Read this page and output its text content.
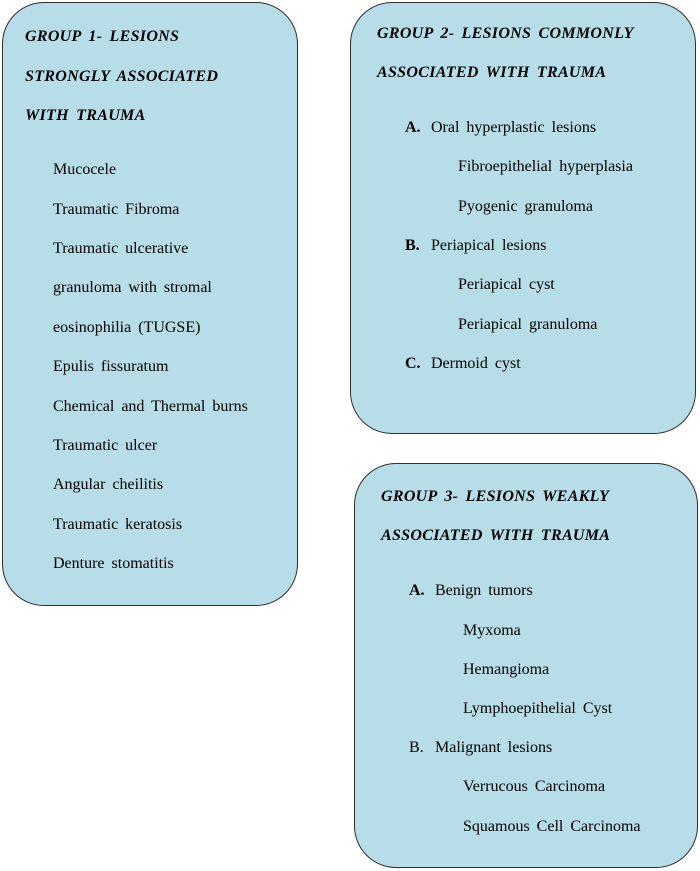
GROUP 1- LESIONS
STRONGLY ASSOCIATED
WITH TRAUMA
Mucocele
Traumatic Fibroma
Traumatic ulcerative
granuloma with stromal
eosinophilia (TUGSE)
Epulis fissuratum
Chemical and Thermal burns
Traumatic ulcer
Angular cheilitis
Traumatic keratosis
Denture stomatitis
GROUP 2- LESIONS COMMONLY
ASSOCIATED WITH TRAUMA
A. Oral hyperplastic lesions
Fibroepithelial hyperplasia
Pyogenic granuloma
B. Periapical lesions
Periapical cyst
Periapical granuloma
C. Dermoid cyst
GROUP 3- LESIONS WEAKLY
ASSOCIATED WITH TRAUMA
A. Benign tumors
Myxoma
Hemangioma
Lymphoepithelial Cyst
B. Malignant lesions
Verrucous Carcinoma
Squamous Cell Carcinoma
